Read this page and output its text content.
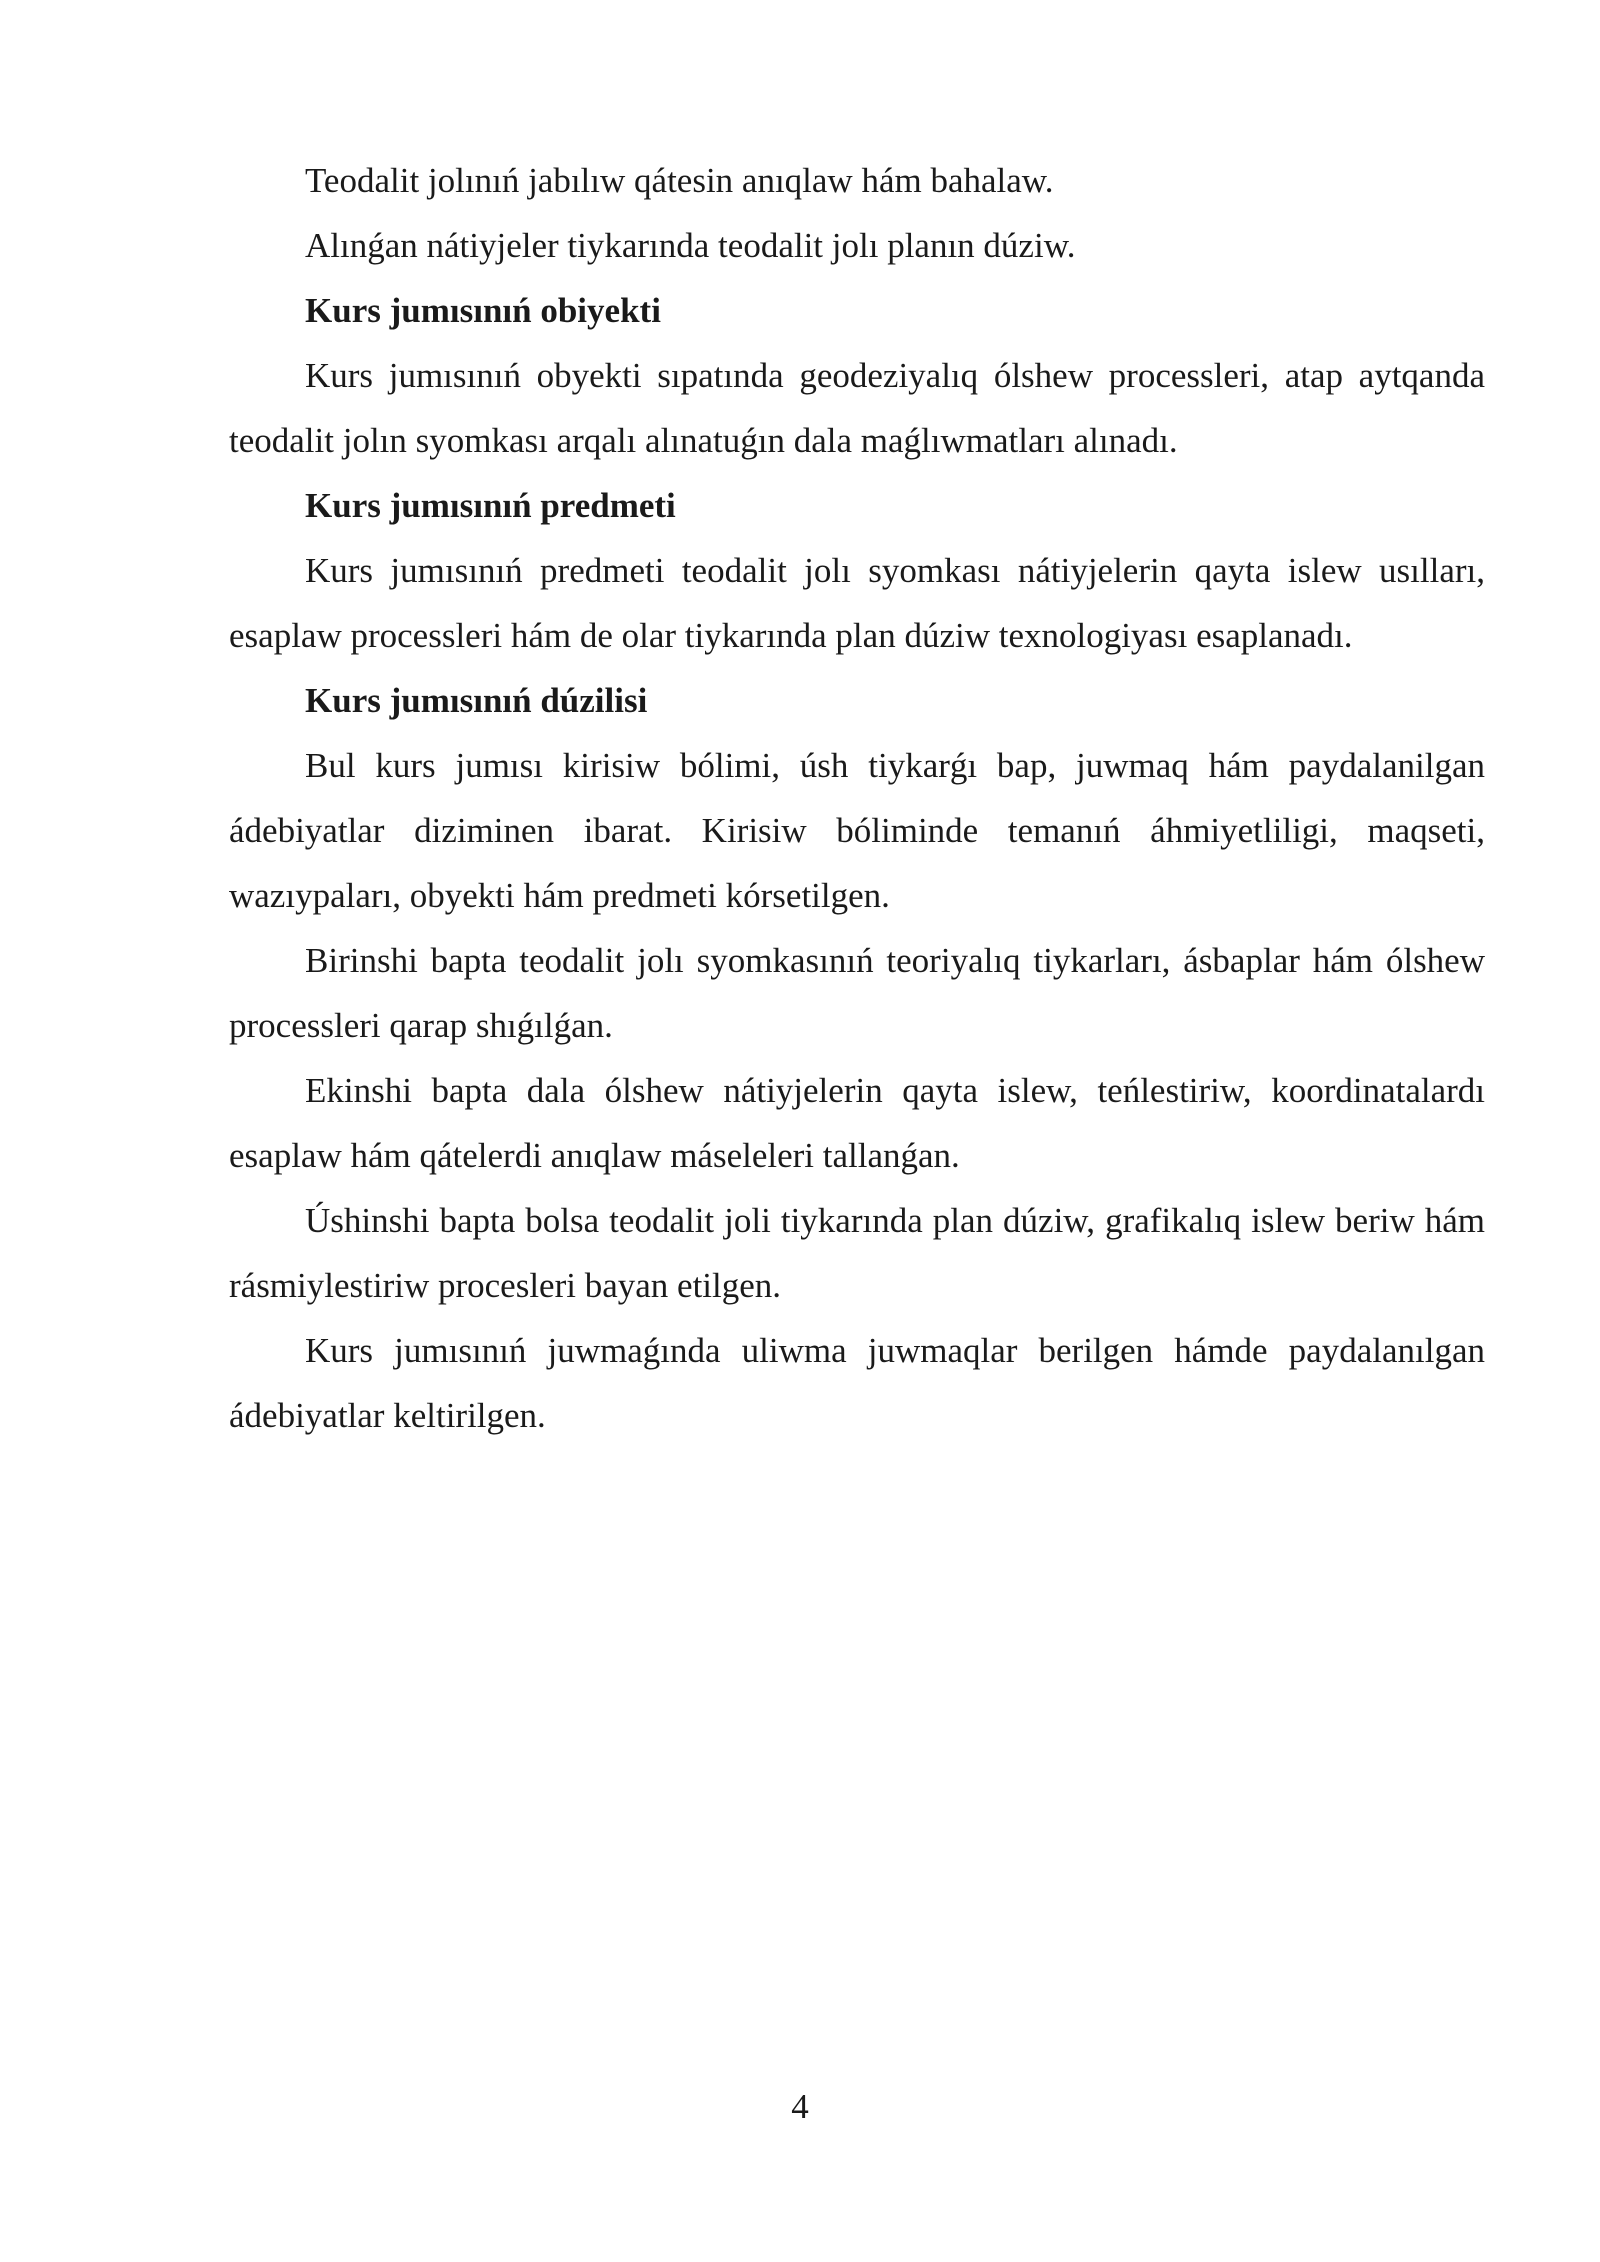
Teodalit jolınıń jabılıw qátesin anıqlaw hám bahalaw.

Alınǵan nátiyjeler tiykarında teodalit jolı planın dúziw.

Kurs jumısınıń obiyekti

Kurs jumısınıń obyekti sıpatında geodeziyalıq ólshew processleri, atap aytqanda teodalit jolın syomkası arqalı alınatuǵın dala maǵlıwmatları alınadı.

Kurs jumısınıń predmeti

Kurs jumısınıń predmeti teodalit jolı syomkası nátiyjelerin qayta islew usılları, esaplaw processleri hám de olar tiykarında plan dúziw texnologiyası esaplanadı.

Kurs jumısınıń dúzilisi

Bul kurs jumısı kirisiw bólimi, úsh tiykarǵı bap, juwmaq hám paydalanilgan ádebiyatlar diziminen ibarat. Kirisiw bóliminde temanıń áhmiyetliligi, maqseti, wazıypaları, obyekti hám predmeti kórsetilgen.

Birinshi bapta teodalit jolı syomkasınıń teoriyalıq tiykarları, ásbaplar hám ólshew processleri qarap shıǵılǵan.

Ekinshi bapta dala ólshew nátiyjelerin qayta islew, teńlestiriw, koordinatalardı esaplaw hám qátelerdi anıqlaw máseleleri tallanǵan.

Úshinshi bapta bolsa teodalit joli tiykarında plan dúziw, grafikalıq islew beriw hám rásmiylestiriw procesleri bayan etilgen.

Kurs jumısınıń juwmaǵında uliwma juwmaqlar berilgen hámde paydalanılgan ádebiyatlar keltirilgen.

4
